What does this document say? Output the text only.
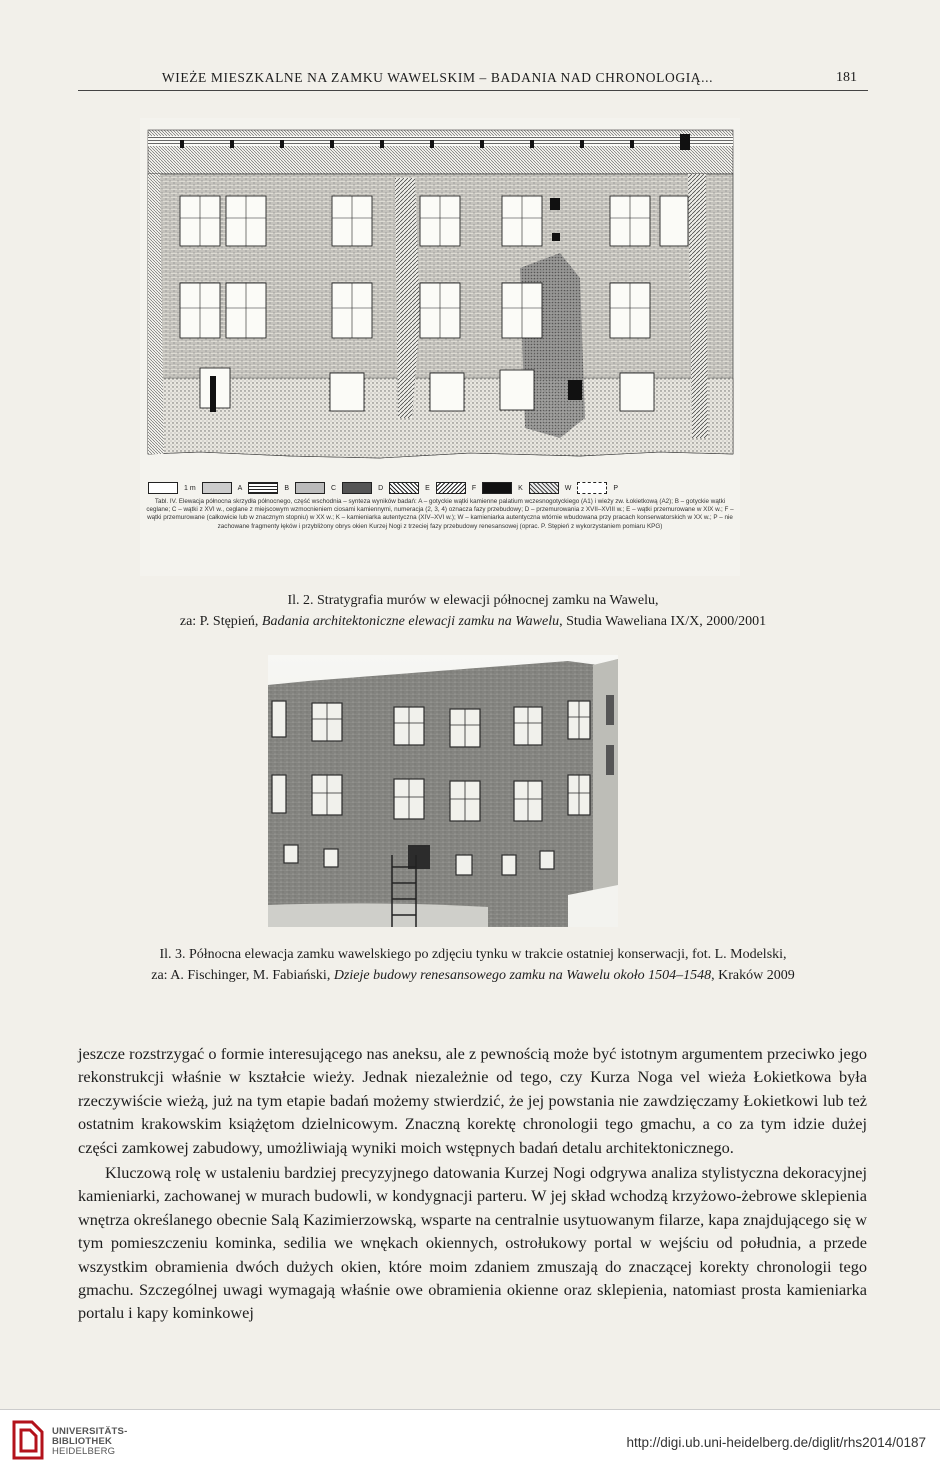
WIEŻE MIESZKALNE NA ZAMKU WAWELSKIM – BADANIA NAD CHRONOLOGIĄ...	181
1 m	A	B	C	D	E	F	K	W	P
Tabl. IV. Elewacja północna skrzydła północnego, część wschodnia – synteza wyników badań: A – gotyckie wątki kamienne palatium wczesnogotyckiego (A1) i wieży zw. Łokietkową (A2); B – gotyckie wątki ceglane; C – wątki z XVI w., ceglane z miejscowym wzmocnieniem ciosami kamiennymi, numeracja (2, 3, 4) oznacza fazy przebudowy; D – przemurowania z XVII–XVIII w.; E – wątki przemurowane w XIX w.; F – wątki przemurowane (całkowicie lub w znacznym stopniu) w XX w.; K – kamieniarka autentyczna (XIV–XVI w.); W – kamieniarka autentyczna wtórnie wbudowana przy pracach konserwatorskich w XX w.; P – nie zachowane fragmenty łęków i przybliżony obrys okien Kurzej Nogi z trzeciej fazy przebudowy renesansowej (oprac. P. Stępień z wykorzystaniem pomiaru KPG)
Il. 2. Stratygrafia murów w elewacji północnej zamku na Wawelu,
za: P. Stępień, Badania architektoniczne elewacji zamku na Wawelu, Studia Waweliana IX/X, 2000/2001
Il. 3. Północna elewacja zamku wawelskiego po zdjęciu tynku w trakcie ostatniej konserwacji, fot. L. Modelski,
za: A. Fischinger, M. Fabiański, Dzieje budowy renesansowego zamku na Wawelu około 1504–1548, Kraków 2009

jeszcze rozstrzygać o formie interesującego nas aneksu, ale z pewnością może być istotnym argumentem przeciwko jego rekonstrukcji właśnie w kształcie wieży. Jednak niezależnie od tego, czy Kurza Noga vel wieża Łokietkowa była rzeczywiście wieżą, już na tym etapie badań możemy stwierdzić, że jej powstania nie zawdzięczamy Łokietkowi lub też ostatnim krakowskim książętom dzielnicowym. Znaczną korektę chronologii tego gmachu, a co za tym idzie dużej części zamkowej zabudowy, umożliwiają wyniki moich wstępnych badań detalu architektonicznego.

Kluczową rolę w ustaleniu bardziej precyzyjnego datowania Kurzej Nogi odgrywa analiza stylistyczna dekoracyjnej kamieniarki, zachowanej w murach budowli, w kondygnacji parteru. W jej skład wchodzą krzyżowo-żebrowe sklepienia wnętrza określanego obecnie Salą Kazimierzowską, wsparte na centralnie usytuowanym filarze, kapa znajdującego się w tym pomieszczeniu kominka, sedilia we wnękach okiennych, ostrołukowy portal w wejściu od południa, a przede wszystkim obramienia dwóch dużych okien, które moim zdaniem zmuszają do znaczącej korekty chronologii tego gmachu. Szczególnej uwagi wymagają właśnie owe obramienia okienne oraz sklepienia, natomiast prosta kamieniarka portalu i kapy kominkowej

UNIVERSITÄTS-
BIBLIOTHEK
HEIDELBERG
http://digi.ub.uni-heidelberg.de/diglit/rhs2014/0187
